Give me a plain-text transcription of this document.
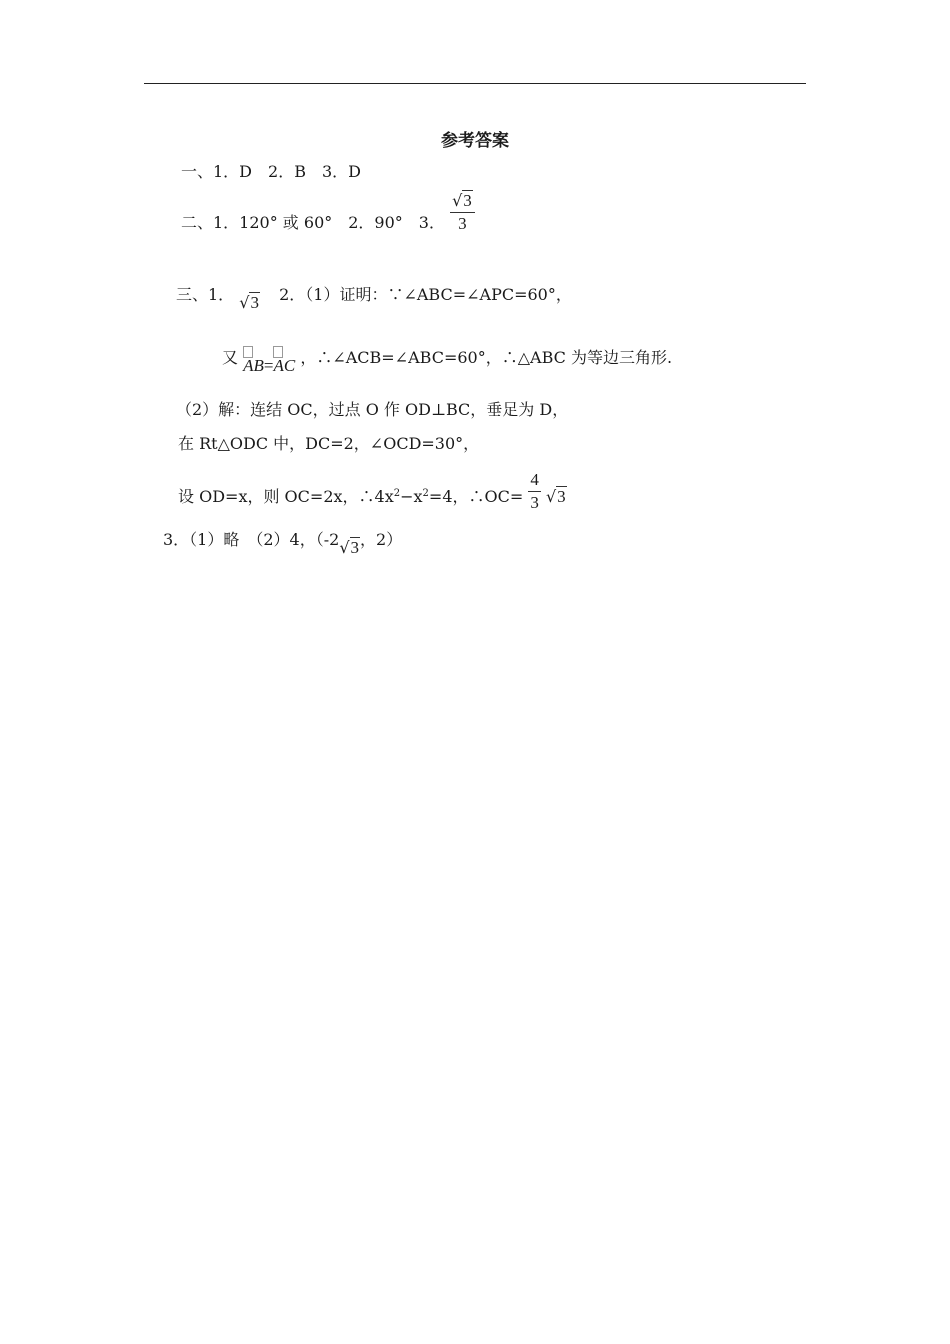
参考答案
一、1．D　2．B　3．D
二、1．120° 或 60°　2．90°　3． $\frac{√3}{3}$
三、1． √3 2．（1）证明：∵∠ABC=∠APC=60°，
又 AB=
AC ，∴∠ACB=∠ABC=60°，∴△ABC 为等边三角形.
（2）解：连结 OC，过点 O 作 OD⊥BC，垂足为 D，
在 Rt△ODC 中，DC=2，∠OCD=30°，
设 OD=x，则 OC=2x，$\therefore 4x^2-x^2=4$，∴OC= $\frac{4}{3} √3$
3．（1）略　（2）4，（-2√3，2）
